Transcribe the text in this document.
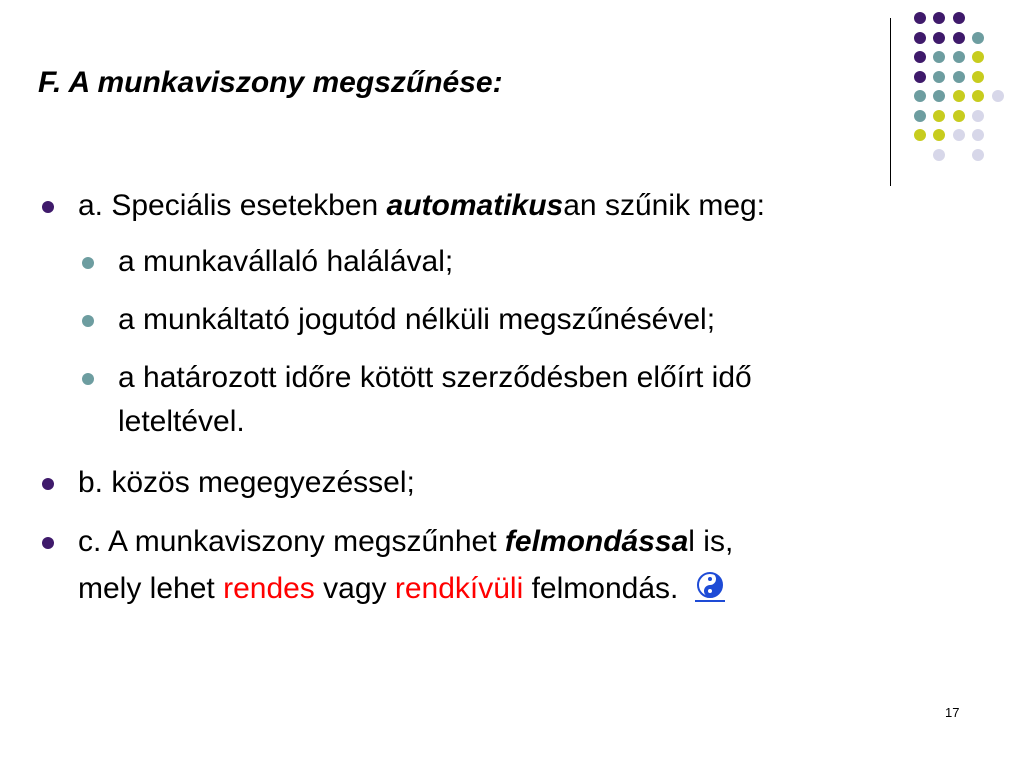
F. A munkaviszony megszűnése:
a. Speciális esetekben automatikusan szűnik meg:
a munkavállaló halálával;
a munkáltató jogutód nélküli megszűnésével;
a határozott időre kötött szerződésben előírt idő
leteltével.
b. közös megegyezéssel;
c. A munkaviszony megszűnhet felmondással is,
mely lehet rendes vagy rendkívüli felmondás.
17
